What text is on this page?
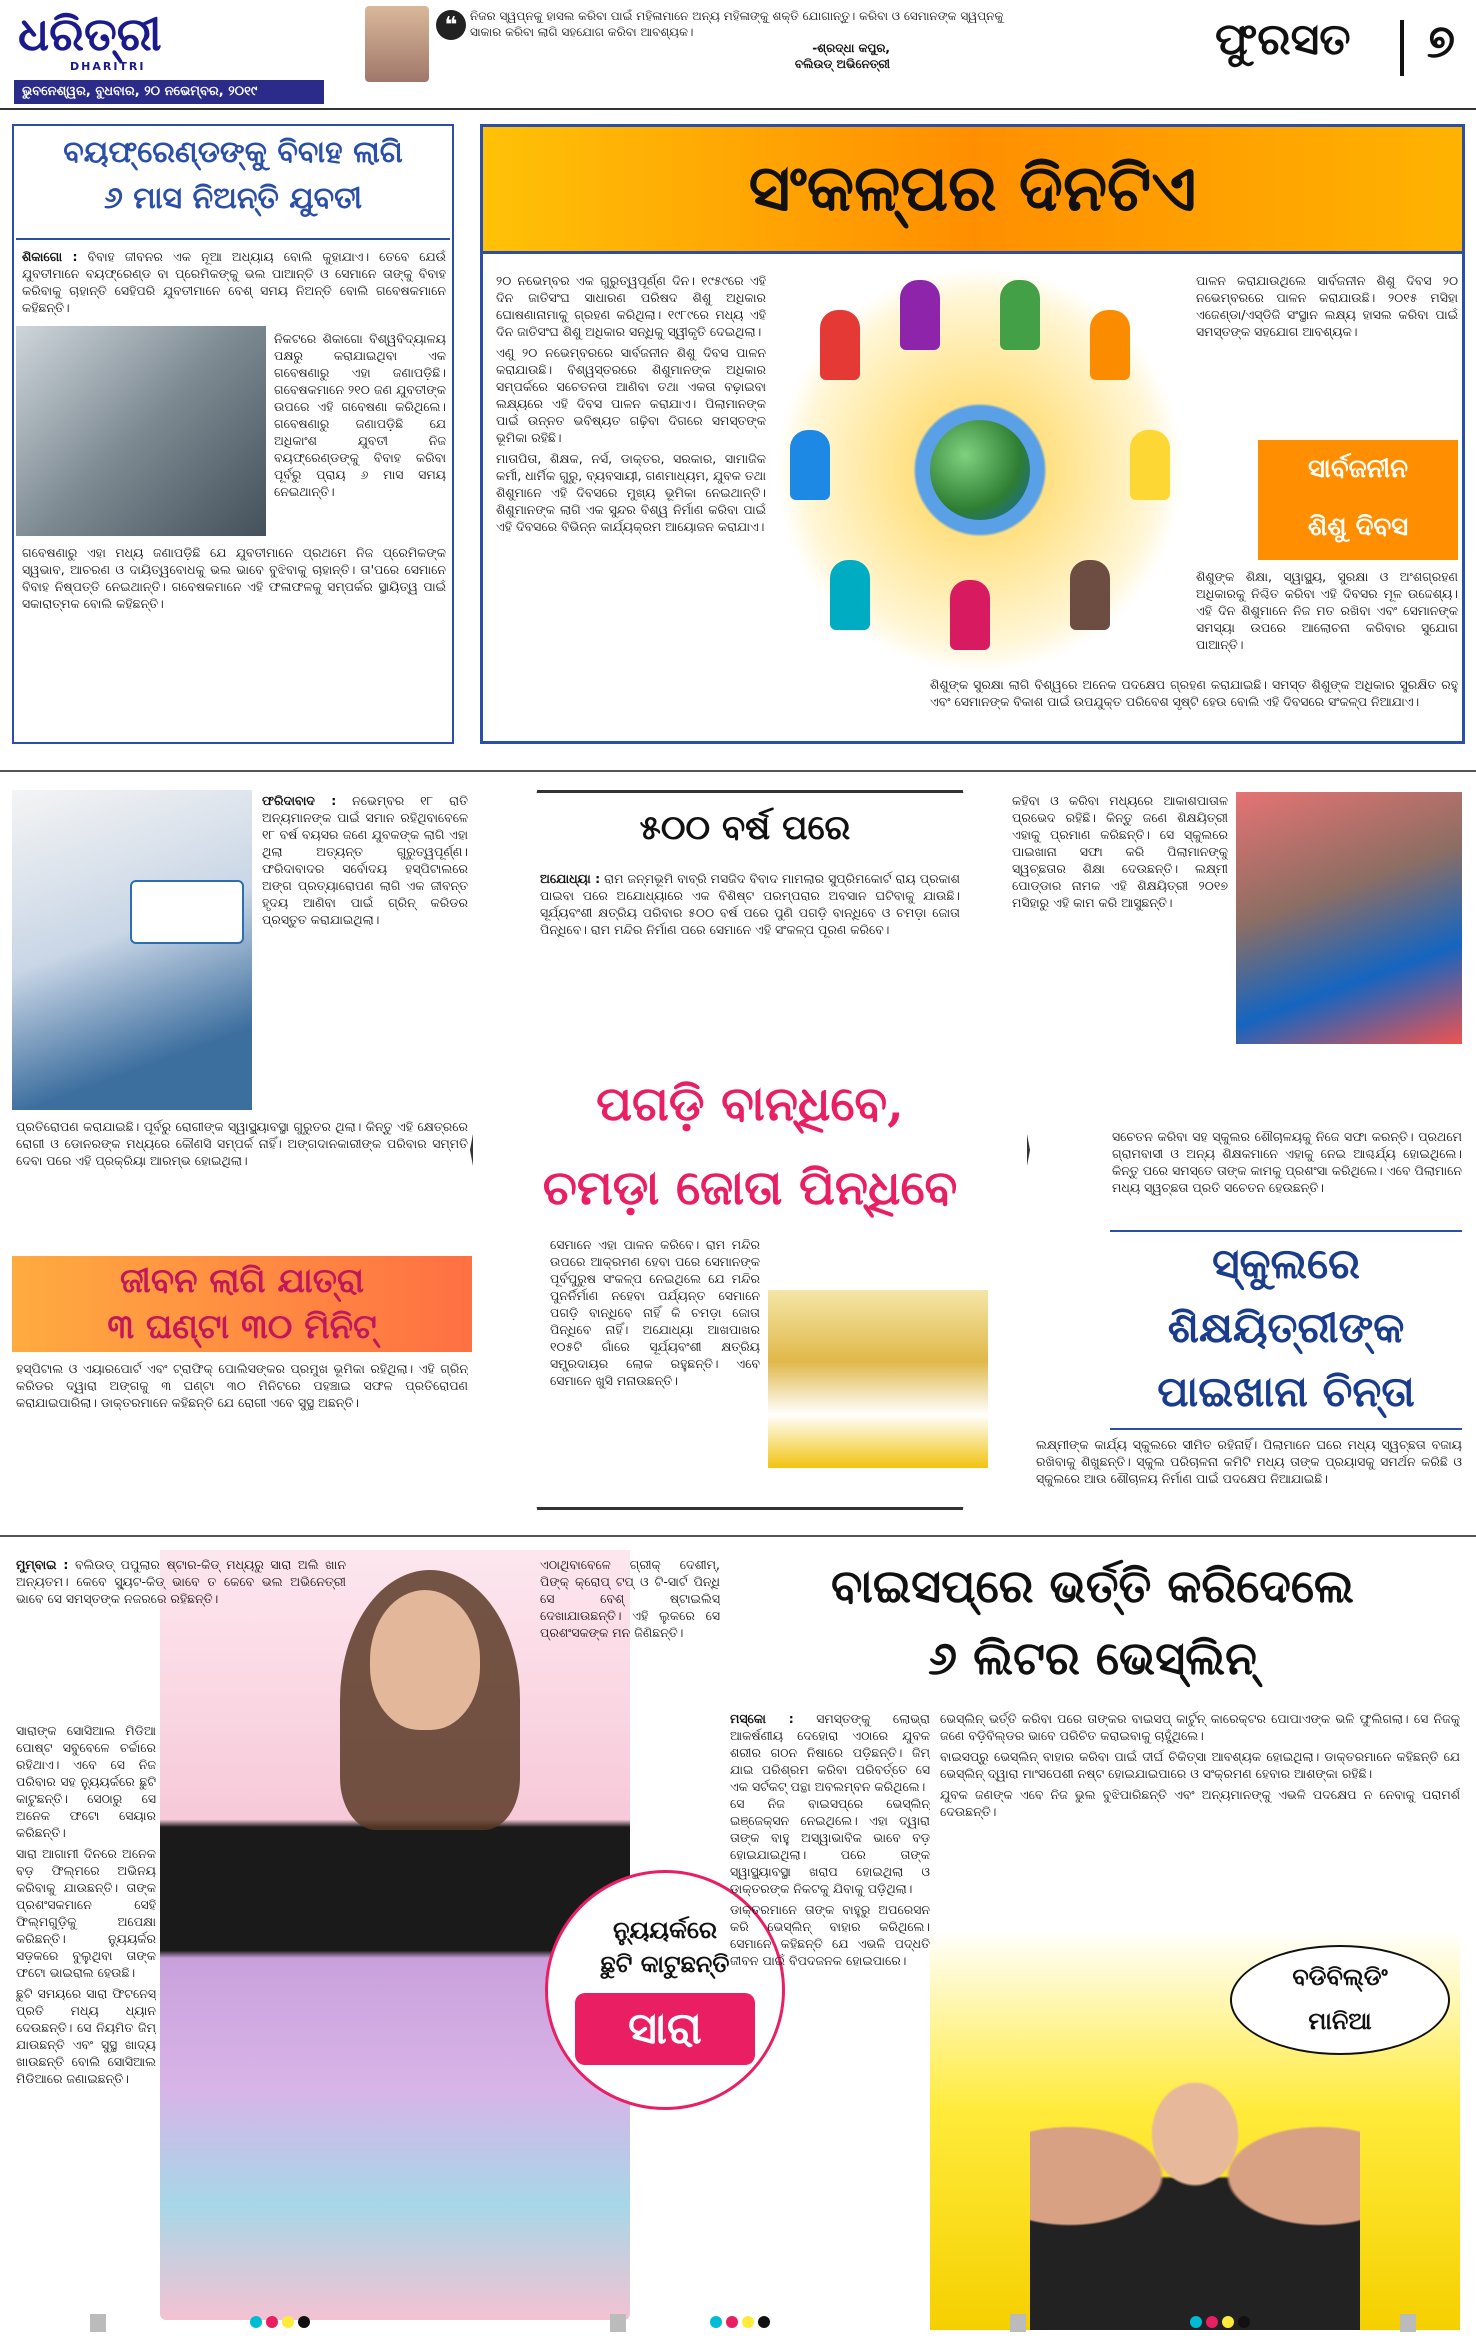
ଧରିତ୍ରୀ
DHARITRI
ଭୁବନେଶ୍ୱର, ବୁଧବାର, ୨୦ ନଭେମ୍ବର, ୨୦୧୯
❝	ନିଜର ସ୍ୱପ୍ନକୁ ହାସଲ କରିବା ପାଇଁ ମହିଳାମାନେ ଅନ୍ୟ ମହିଳାଙ୍କୁ ଶକ୍ତି ଯୋଗାନ୍ତୁ। କରିବା ଓ ସେମାନଙ୍କ ସ୍ୱପ୍ନକୁ ସାକାର କରିବା ଲାଗି ସହଯୋଗ କରିବା ଆବଶ୍ୟକ।
-ଶ୍ରଦ୍ଧା କପୁର,
ବଲିଉଡ୍ ଅଭିନେତ୍ରୀ	ଫୁରସତ ୭
ବୟଫ୍ରେଣ୍ଡଙ୍କୁ ବିବାହ ଲାଗି
୬ ମାସ ନିଅନ୍ତି ଯୁବତୀ
ଶିକାଗୋ : ବିବାହ ଜୀବନର ଏକ ନୂଆ ଅଧ୍ୟାୟ ବୋଲି କୁହାଯାଏ। ତେବେ ଯେଉଁ ଯୁବତୀମାନେ ବୟଫ୍ରେଣ୍ଡ ବା ପ୍ରେମିକଙ୍କୁ ଭଲ ପାଆନ୍ତି ଓ ସେମାନେ ତାଙ୍କୁ ବିବାହ କରିବାକୁ ଚାହାନ୍ତି ସେହିପରି ଯୁବତୀମାନେ ବେଶ୍ ସମୟ ନିଅନ୍ତି ବୋଲି ଗବେଷକମାନେ କହିଛନ୍ତି।

ନିକଟରେ ଶିକାଗୋ ବିଶ୍ୱବିଦ୍ୟାଳୟ ପକ୍ଷରୁ କରାଯାଇଥିବା ଏକ ଗବେଷଣାରୁ ଏହା ଜଣାପଡ଼ିଛି। ଗବେଷକମାନେ ୨୧୦ ଜଣ ଯୁବତୀଙ୍କ ଉପରେ ଏହି ଗବେଷଣା କରିଥିଲେ। ଗବେଷଣାରୁ ଜଣାପଡ଼ିଛି ଯେ ଅଧିକାଂଶ ଯୁବତୀ ନିଜ ବୟଫ୍ରେଣ୍ଡଙ୍କୁ ବିବାହ କରିବା ପୂର୍ବରୁ ପ୍ରାୟ ୬ ମାସ ସମୟ ନେଇଥାନ୍ତି।

ଗବେଷଣାରୁ ଏହା ମଧ୍ୟ ଜଣାପଡ଼ିଛି ଯେ ଯୁବତୀମାନେ ପ୍ରଥମେ ନିଜ ପ୍ରେମିକଙ୍କ ସ୍ୱଭାବ, ଆଚରଣ ଓ ଦାୟିତ୍ୱବୋଧକୁ ଭଲ ଭାବେ ବୁଝିବାକୁ ଚାହାନ୍ତି। ତା'ପରେ ସେମାନେ ବିବାହ ନିଷ୍ପତ୍ତି ନେଇଥାନ୍ତି। ଗବେଷକମାନେ ଏହି ଫଳାଫଳକୁ ସମ୍ପର୍କର ସ୍ଥାୟିତ୍ୱ ପାଇଁ ସକାରାତ୍ମକ ବୋଲି କହିଛନ୍ତି।

ସଂକଳ୍ପର ଦିନଟିଏ

୨୦ ନଭେମ୍ବର ଏକ ଗୁରୁତ୍ୱପୂର୍ଣ୍ଣ ଦିନ। ୧୯୫୯ରେ ଏହି ଦିନ ଜାତିସଂଘ ସାଧାରଣ ପରିଷଦ ଶିଶୁ ଅଧିକାର ଘୋଷଣାନାମାକୁ ଗ୍ରହଣ କରିଥିଲା। ୧୯୮୯ରେ ମଧ୍ୟ ଏହି ଦିନ ଜାତିସଂଘ ଶିଶୁ ଅଧିକାର ସନ୍ଧିକୁ ସ୍ୱୀକୃତି ଦେଇଥିଲା।

ଏଣୁ ୨୦ ନଭେମ୍ବରରେ ସାର୍ବଜନୀନ ଶିଶୁ ଦିବସ ପାଳନ କରାଯାଉଛି। ବିଶ୍ୱସ୍ତରରେ ଶିଶୁମାନଙ୍କ ଅଧିକାର ସମ୍ପର୍କରେ ସଚେତନତା ଆଣିବା ତଥା ଏକତା ବଢ଼ାଇବା ଲକ୍ଷ୍ୟରେ ଏହି ଦିବସ ପାଳନ କରାଯାଏ। ପିଲାମାନଙ୍କ ପାଇଁ ଉନ୍ନତ ଭବିଷ୍ୟତ ଗଢ଼ିବା ଦିଗରେ ସମସ୍ତଙ୍କ ଭୂମିକା ରହିଛି।

ମାତାପିତା, ଶିକ୍ଷକ, ନର୍ସ, ଡାକ୍ତର, ସରକାର, ସାମାଜିକ କର୍ମୀ, ଧାର୍ମିକ ଗୁରୁ, ବ୍ୟବସାୟୀ, ଗଣମାଧ୍ୟମ, ଯୁବକ ତଥା ଶିଶୁମାନେ ଏହି ଦିବସରେ ମୁଖ୍ୟ ଭୂମିକା ନେଇଥାନ୍ତି। ଶିଶୁମାନଙ୍କ ଲାଗି ଏକ ସୁନ୍ଦର ବିଶ୍ୱ ନିର୍ମାଣ କରିବା ପାଇଁ ଏହି ଦିବସରେ ବିଭିନ୍ନ କାର୍ଯ୍ୟକ୍ରମ ଆୟୋଜନ କରାଯାଏ।

ପାଳନ କରାଯାଉଥିଲେ ସାର୍ବଜନୀନ ଶିଶୁ ଦିବସ ୨୦ ନଭେମ୍ବରରେ ପାଳନ କରାଯାଉଛି। ୨୦୧୫ ମସିହା ଏଜେଣ୍ଡା/ଏସ୍‌ଡିଜି ସଂସ୍ଥାନ ଲକ୍ଷ୍ୟ ହାସଲ କରିବା ପାଇଁ ସମସ୍ତଙ୍କ ସହଯୋଗ ଆବଶ୍ୟକ।

ସାର୍ବଜନୀନ
ଶିଶୁ ଦିବସ

ଶିଶୁଙ୍କ ଶିକ୍ଷା, ସ୍ୱାସ୍ଥ୍ୟ, ସୁରକ୍ଷା ଓ ଅଂଶଗ୍ରହଣ ଅଧିକାରକୁ ନିଶ୍ଚିତ କରିବା ଏହି ଦିବସର ମୂଳ ଉଦ୍ଦେଶ୍ୟ। ଏହି ଦିନ ଶିଶୁମାନେ ନିଜ ମତ ରଖିବା ଏବଂ ସେମାନଙ୍କ ସମସ୍ୟା ଉପରେ ଆଲୋଚନା କରିବାର ସୁଯୋଗ ପାଆନ୍ତି।

ଶିଶୁଙ୍କ ସୁରକ୍ଷା ଲାଗି ବିଶ୍ୱରେ ଅନେକ ପଦକ୍ଷେପ ଗ୍ରହଣ କରାଯାଇଛି। ସମସ୍ତ ଶିଶୁଙ୍କ ଅଧିକାର ସୁରକ୍ଷିତ ରହୁ ଏବଂ ସେମାନଙ୍କ ବିକାଶ ପାଇଁ ଉପଯୁକ୍ତ ପରିବେଶ ସୃଷ୍ଟି ହେଉ ବୋଲି ଏହି ଦିବସରେ ସଂକଳ୍ପ ନିଆଯାଏ।

ଫରିଦାବାଦ : ନଭେମ୍ବର ୧୮ ରାତି ଅନ୍ୟମାନଙ୍କ ପାଇଁ ସମାନ ରହିଥିବାବେଳେ ୧୮ ବର୍ଷ ବୟସର ଜଣେ ଯୁବକଙ୍କ ଲାଗି ଏହା ଥିଲା ଅତ୍ୟନ୍ତ ଗୁରୁତ୍ୱପୂର୍ଣ୍ଣ। ଫରିଦାବାଦର ସର୍ବୋଦୟ ହସ୍‌ପିଟାଲରେ ଅଙ୍ଗ ପ୍ରତ୍ୟାରୋପଣ ଲାଗି ଏକ ଜୀବନ୍ତ ହୃଦୟ ଆଣିବା ପାଇଁ ଗ୍ରିନ୍ କରିଡର ପ୍ରସ୍ତୁତ କରାଯାଇଥିଲା।

ପ୍ରତିରୋପଣ କରାଯାଇଛି। ପୂର୍ବରୁ ରୋଗୀଙ୍କ ସ୍ୱାସ୍ଥ୍ୟାବସ୍ଥା ଗୁରୁତର ଥିଲା। କିନ୍ତୁ ଏହି କ୍ଷେତ୍ରରେ ରୋଗୀ ଓ ଡୋନରଙ୍କ ମଧ୍ୟରେ କୌଣସି ସମ୍ପର୍କ ନାହିଁ। ଅଙ୍ଗଦାନକାରୀଙ୍କ ପରିବାର ସମ୍ମତି ଦେବା ପରେ ଏହି ପ୍ରକ୍ରିୟା ଆରମ୍ଭ ହୋଇଥିଲା।

ଜୀବନ ଲାଗି ଯାତ୍ରା
୩ ଘଣ୍ଟା ୩୦ ମିନିଟ୍

ହସ୍‌ପିଟାଲ ଓ ଏୟାରପୋର୍ଟ ଏବଂ ଟ୍ରାଫିକ୍ ପୋଲିସଙ୍କର ପ୍ରମୁଖ ଭୂମିକା ରହିଥିଲା। ଏହି ଗ୍ରିନ୍ କରିଡର ଦ୍ୱାରା ଅଙ୍ଗକୁ ୩ ଘଣ୍ଟା ୩୦ ମିନିଟରେ ପହଞ୍ଚାଇ ସଫଳ ପ୍ରତିରୋପଣ କରାଯାଇପାରିଲା। ଡାକ୍ତରମାନେ କହିଛନ୍ତି ଯେ ରୋଗୀ ଏବେ ସୁସ୍ଥ ଅଛନ୍ତି।

୫୦୦ ବର୍ଷ ପରେ
ଅଯୋଧ୍ୟା : ରାମ ଜନ୍ମଭୂମି ବାବ୍ରି ମସଜିଦ ବିବାଦ ମାମଲାର ସୁପ୍ରିମକୋର୍ଟ ରାୟ ପ୍ରକାଶ ପାଇବା ପରେ ଅଯୋଧ୍ୟାରେ ଏକ ବିଶିଷ୍ଟ ପରମ୍ପରାର ଅବସାନ ଘଟିବାକୁ ଯାଉଛି। ସୂର୍ଯ୍ୟବଂଶୀ କ୍ଷତ୍ରିୟ ପରିବାର ୫୦୦ ବର୍ଷ ପରେ ପୁଣି ପଗଡ଼ି ବାନ୍ଧିବେ ଓ ଚମଡ଼ା ଜୋତା ପିନ୍ଧିବେ। ରାମ ମନ୍ଦିର ନିର୍ମାଣ ପରେ ସେମାନେ ଏହି ସଂକଳ୍ପ ପୂରଣ କରିବେ।
ପଗଡ଼ି ବାନ୍ଧିବେ,
ଚମଡ଼ା ଜୋତା ପିନ୍ଧିବେ

ସେମାନେ ଏହା ପାଳନ କରିବେ। ରାମ ମନ୍ଦିର ଉପରେ ଆକ୍ରମଣ ହେବା ପରେ ସେମାନଙ୍କ ପୂର୍ବପୁରୁଷ ସଂକଳ୍ପ ନେଇଥିଲେ ଯେ ମନ୍ଦିର ପୁନର୍ନିର୍ମାଣ ନହେବା ପର୍ଯ୍ୟନ୍ତ ସେମାନେ ପଗଡ଼ି ବାନ୍ଧିବେ ନାହିଁ କି ଚମଡ଼ା ଜୋତା ପିନ୍ଧିବେ ନାହିଁ। ଅଯୋଧ୍ୟା ଆଖପାଖର ୧୦୫ଟି ଗାଁରେ ସୂର୍ଯ୍ୟବଂଶୀ କ୍ଷତ୍ରିୟ ସମ୍ପ୍ରଦାୟର ଲୋକ ରହୁଛନ୍ତି। ଏବେ ସେମାନେ ଖୁସି ମନାଉଛନ୍ତି।

କହିବା ଓ କରିବା ମଧ୍ୟରେ ଆକାଶପାତାଳ ପ୍ରଭେଦ ରହିଛି। କିନ୍ତୁ ଜଣେ ଶିକ୍ଷୟିତ୍ରୀ ଏହାକୁ ପ୍ରମାଣ କରିଛନ୍ତି। ସେ ସ୍କୁଲରେ ପାଇଖାନା ସଫା କରି ପିଲାମାନଙ୍କୁ ସ୍ୱଚ୍ଛତାର ଶିକ୍ଷା ଦେଉଛନ୍ତି। ଲକ୍ଷ୍ମୀ ପୋଡ୍ଡାର ନାମକ ଏହି ଶିକ୍ଷୟିତ୍ରୀ ୨୦୧୭ ମସିହାରୁ ଏହି କାମ କରି ଆସୁଛନ୍ତି।

ସଚେତନ କରିବା ସହ ସ୍କୁଲର ଶୌଚାଳୟକୁ ନିଜେ ସଫା କରନ୍ତି। ପ୍ରଥମେ ଗ୍ରାମବାସୀ ଓ ଅନ୍ୟ ଶିକ୍ଷକମାନେ ଏହାକୁ ନେଇ ଆଶ୍ଚର୍ଯ୍ୟ ହୋଇଥିଲେ। କିନ୍ତୁ ପରେ ସମସ୍ତେ ତାଙ୍କ କାମକୁ ପ୍ରଶଂସା କରିଥିଲେ। ଏବେ ପିଲାମାନେ ମଧ୍ୟ ସ୍ୱଚ୍ଛତା ପ୍ରତି ସଚେତନ ହେଉଛନ୍ତି।

ସ୍କୁଲରେ
ଶିକ୍ଷୟିତ୍ରୀଙ୍କ
ପାଇଖାନା ଚିନ୍ତା

ଲକ୍ଷ୍ମୀଙ୍କ କାର୍ଯ୍ୟ ସ୍କୁଲରେ ସୀମିତ ରହିନାହିଁ। ପିଲାମାନେ ଘରେ ମଧ୍ୟ ସ୍ୱଚ୍ଛତା ବଜାୟ ରଖିବାକୁ ଶିଖୁଛନ୍ତି। ସ୍କୁଲ ପରିଚାଳନା କମିଟି ମଧ୍ୟ ତାଙ୍କ ପ୍ରୟାସକୁ ସମର୍ଥନ କରିଛି ଓ ସ୍କୁଲରେ ଆଉ ଶୌଚାଳୟ ନିର୍ମାଣ ପାଇଁ ପଦକ୍ଷେପ ନିଆଯାଇଛି।

ମୁମ୍ବାଇ : ବଲିଉଡ୍ ପପୁଲାର ଷ୍ଟାର-କିଡ୍ ମଧ୍ୟରୁ ସାରା ଅଲି ଖାନ ଅନ୍ୟତମ। କେବେ ସ୍ୟୁଟ-କିଡ୍ ଭାବେ ତ କେବେ ଭଲ ଅଭିନେତ୍ରୀ ଭାବେ ସେ ସମସ୍ତଙ୍କ ନଜରରେ ରହିଛନ୍ତି।

ସାରାଙ୍କ ସୋସିଆଲ ମିଡିଆ ପୋଷ୍ଟ ସବୁବେଳେ ଚର୍ଚ୍ଚାରେ ରହିଥାଏ। ଏବେ ସେ ନିଜ ପରିବାର ସହ ନ୍ୟୁୟର୍କରେ ଛୁଟି କାଟୁଛନ୍ତି। ସେଠାରୁ ସେ ଅନେକ ଫଟୋ ସେୟାର କରିଛନ୍ତି।

ସାରା ଆଗାମୀ ଦିନରେ ଅନେକ ବଡ଼ ଫିଲ୍ମରେ ଅଭିନୟ କରିବାକୁ ଯାଉଛନ୍ତି। ତାଙ୍କ ପ୍ରଶଂସକମାନେ ସେହି ଫିଲ୍ମଗୁଡ଼ିକୁ ଅପେକ୍ଷା କରିଛନ୍ତି। ନ୍ୟୁୟର୍କର ସଡ଼କରେ ବୁଲୁଥିବା ତାଙ୍କ ଫଟୋ ଭାଇରାଲ ହେଉଛି।

ଛୁଟି ସମୟରେ ସାରା ଫିଟନେସ୍ ପ୍ରତି ମଧ୍ୟ ଧ୍ୟାନ ଦେଉଛନ୍ତି। ସେ ନିୟମିତ ଜିମ୍ ଯାଉଛନ୍ତି ଏବଂ ସୁସ୍ଥ ଖାଦ୍ୟ ଖାଉଛନ୍ତି ବୋଲି ସୋସିଆଲ ମିଡିଆରେ ଜଣାଇଛନ୍ତି।

ଏଠାଥିବାବେଳେ ଗ୍ରୀକ୍ ଦେଶୀମ୍, ପିଙ୍କ୍ କ୍ରୋପ୍ ଟପ୍ ଓ ଟି-ସାର୍ଟ ପିନ୍ଧି ସେ ବେଶ୍ ଷ୍ଟାଇଲିସ୍ ଦେଖାଯାଉଛନ୍ତି। ଏହି ଲୁକରେ ସେ ପ୍ରଶଂସକଙ୍କ ମନ ଜିଣିଛନ୍ତି।

ନ୍ୟୁୟର୍କରେ
ଛୁଟି କାଟୁଛନ୍ତି
ସାରା
ବାଇସପ୍‌ରେ ଭର୍ତ୍ତି କରିଦେଲେ
୬ ଲିଟର ଭେସ୍‌ଲିନ୍
ମସ୍କୋ : ସମସ୍ତଙ୍କୁ ଲୋଭ୍ରା ଆକର୍ଷଣୀୟ ଦେହୋରା ଏଠାରେ ଯୁବକ ଶରୀର ଗଠନ ନିଷାରେ ପଡ଼ିଛନ୍ତି। ଜିମ୍ ଯାଇ ପରିଶ୍ରମ କରିବା ପରିବର୍ତ୍ତେ ସେ ଏକ ସର୍ଟକଟ୍ ପନ୍ଥା ଅବଲମ୍ବନ କରିଥିଲେ।

ସେ ନିଜ ବାଇସପ୍‌ରେ ଭେସ୍‌ଲିନ୍ ଇଞ୍ଜେକ୍ସନ ନେଇଥିଲେ। ଏହା ଦ୍ୱାରା ତାଙ୍କ ବାହୁ ଅସ୍ୱାଭାବିକ ଭାବେ ବଡ଼ ହୋଇଯାଇଥିଲା। ପରେ ତାଙ୍କ ସ୍ୱାସ୍ଥ୍ୟାବସ୍ଥା ଖରାପ ହୋଇଥିଲା ଓ ଡାକ୍ତରଙ୍କ ନିକଟକୁ ଯିବାକୁ ପଡ଼ିଥିଲା।

ଡାକ୍ତରମାନେ ତାଙ୍କ ବାହୁରୁ ଅପରେସନ କରି ଭେସ୍‌ଲିନ୍ ବାହାର କରିଥିଲେ। ସେମାନେ କହିଛନ୍ତି ଯେ ଏଭଳି ପଦ୍ଧତି ଜୀବନ ପାଇଁ ବିପଦଜନକ ହୋଇପାରେ।

ଭେସ୍‌ଲିନ୍ ଭର୍ତ୍ତି କରିବା ପରେ ତାଙ୍କର ବାଇସପ୍ କାର୍ଟୁନ୍ କାରେକ୍ଟର ପୋପାଏଙ୍କ ଭଳି ଫୁଲିଗଲା। ସେ ନିଜକୁ ଜଣେ ବଡ଼ିବିଲ୍ଡର ଭାବେ ପରିଚିତ କରାଇବାକୁ ଚାହୁଁଥିଲେ।

ବାଇସପ୍‌ରୁ ଭେସ୍‌ଲିନ୍ ବାହାର କରିବା ପାଇଁ ଦୀର୍ଘ ଚିକିତ୍ସା ଆବଶ୍ୟକ ହୋଇଥିଲା। ଡାକ୍ତରମାନେ କହିଛନ୍ତି ଯେ ଭେସ୍‌ଲିନ୍ ଦ୍ୱାରା ମାଂସପେଶୀ ନଷ୍ଟ ହୋଇଯାଇପାରେ ଓ ସଂକ୍ରମଣ ହେବାର ଆଶଙ୍କା ରହିଛି।

ଯୁବକ ଜଣଙ୍କ ଏବେ ନିଜ ଭୁଲ ବୁଝିପାରିଛନ୍ତି ଏବଂ ଅନ୍ୟମାନଙ୍କୁ ଏଭଳି ପଦକ୍ଷେପ ନ ନେବାକୁ ପରାମର୍ଶ ଦେଉଛନ୍ତି।

ବଡିବିଲ୍ଡିଂ
ମାନିଆ
